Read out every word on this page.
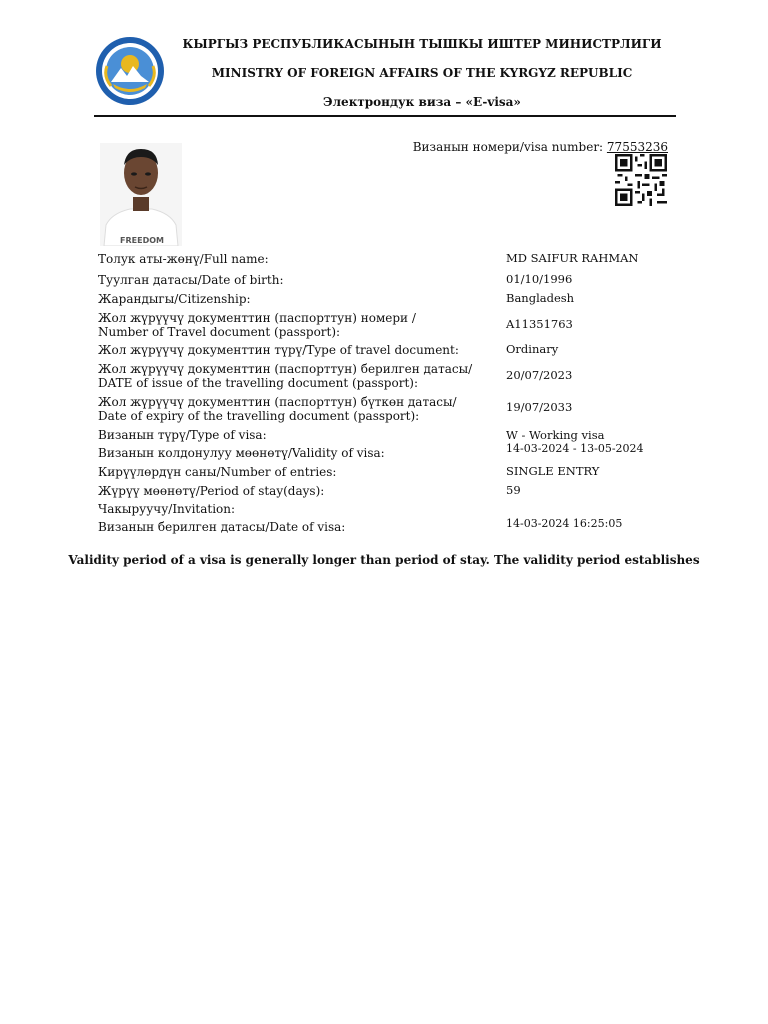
КЫРГЫЗ РЕСПУБЛИКАСЫНЫН ТЫШКЫ ИШТЕР МИНИСТРЛИГИ
MINISTRY OF FOREIGN AFFAIRS OF THE KYRGYZ REPUBLIC
Электрондук виза – «E-visa»
Визанын номери/visa number: 77553236
FREEDOM
Толук аты-жөнү/Full name:	MD SAIFUR RAHMAN
Туулган датасы/Date of birth:	01/10/1996
Жарандыгы/Citizenship:	Bangladesh
Жол жүрүүчү документтин (паспорттун) номери /
Number of Travel document (passport):
A11351763
Жол жүрүүчү документтин түрү/Type of travel document:	Ordinary
Жол жүрүүчү документтин (паспорттун) берилген датасы/
DATE of issue of the travelling document (passport):
20/07/2023
Жол жүрүүчү документтин (паспорттун) бүткөн датасы/
Date of expiry of the travelling document (passport):
19/07/2033
Визанын түрү/Type of visa:	W - Working visa
Визанын колдонулуу мөөнөтү/Validity of visa:	14-03-2024 - 13-05-2024
Кирүүлөрдүн саны/Number of entries:	SINGLE ENTRY
Жүрүү мөөнөтү/Period of stay(days):	59
Чакыруучу/Invitation:
Визанын берилген датасы/Date of visa:	14-03-2024 16:25:05
Validity period of a visa is generally longer than period of stay. The validity period establishes
